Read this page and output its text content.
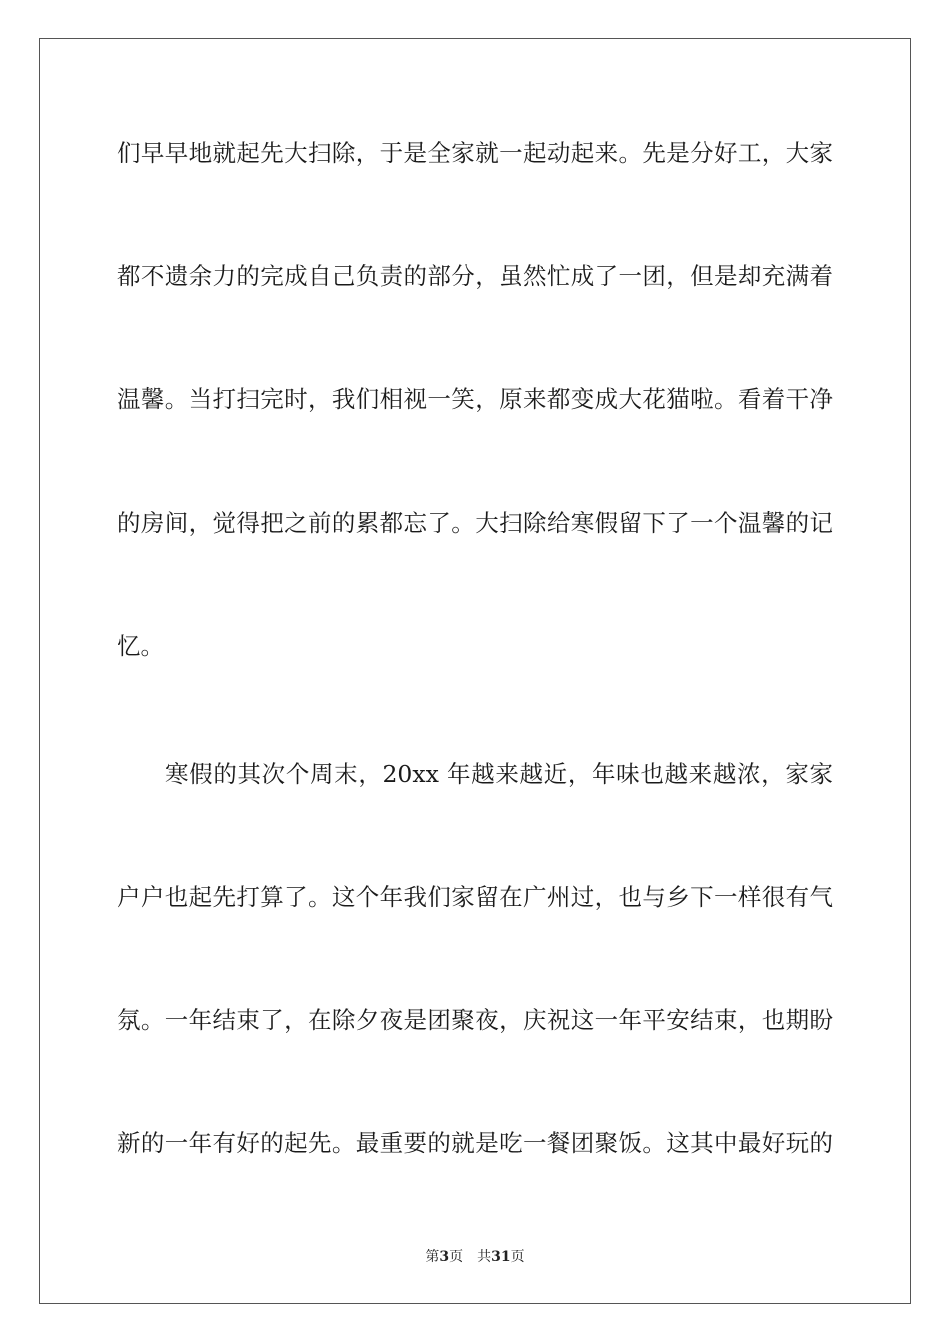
们早早地就起先大扫除，于是全家就一起动起来。先是分好工，大家
都不遗余力的完成自己负责的部分，虽然忙成了一团，但是却充满着
温馨。当打扫完时，我们相视一笑，原来都变成大花猫啦。看着干净
的房间，觉得把之前的累都忘了。大扫除给寒假留下了一个温馨的记
忆。
寒假的其次个周末，20xx 年越来越近，年味也越来越浓，家家
户户也起先打算了。这个年我们家留在广州过，也与乡下一样很有气
氛。一年结束了，在除夕夜是团聚夜，庆祝这一年平安结束，也期盼
新的一年有好的起先。最重要的就是吃一餐团聚饭。这其中最好玩的
第3页 共31页
